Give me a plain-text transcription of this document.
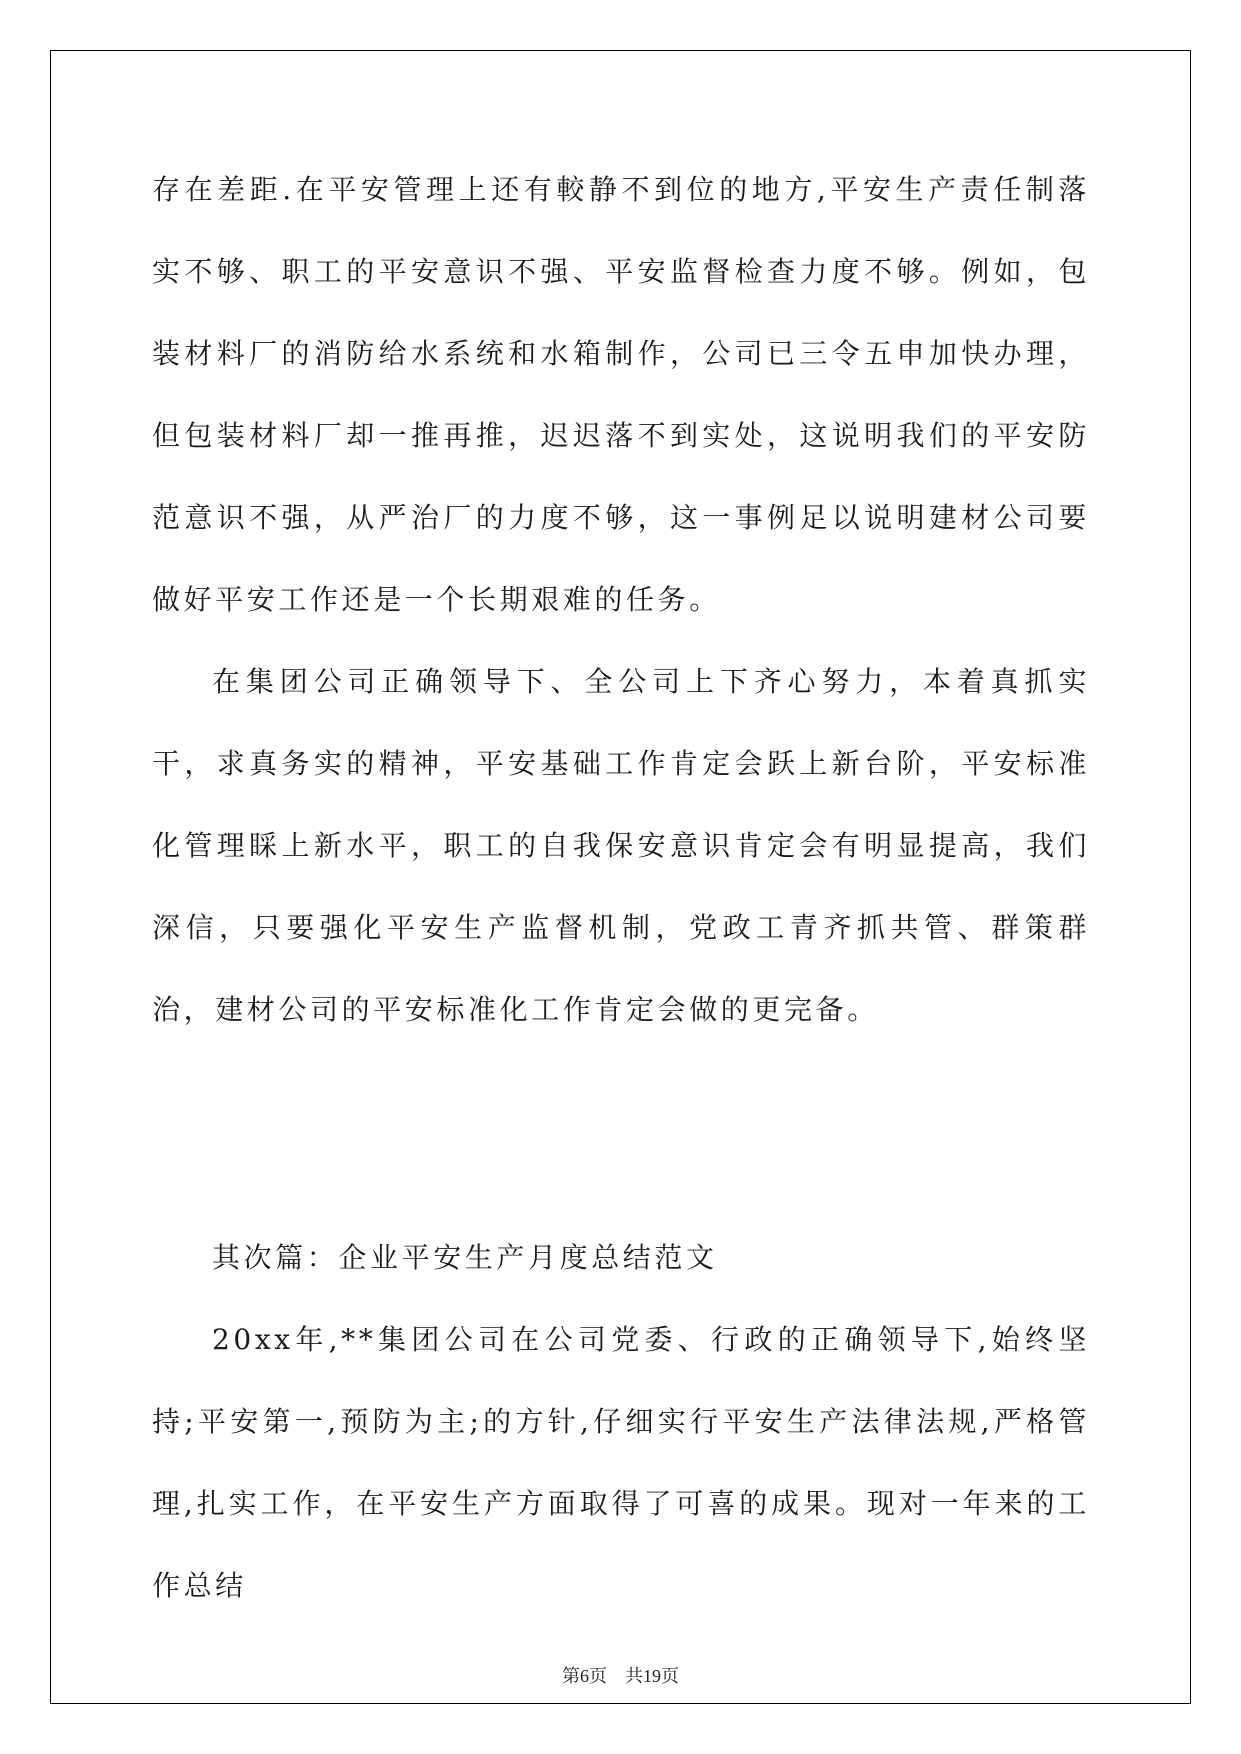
存在差距.在平安管理上还有較静不到位的地方,平安生产责任制落实不够、职工的平安意识不强、平安监督检查力度不够。例如，包装材料厂的消防给水系统和水箱制作，公司已三令五申加快办理，但包装材料厂却一推再推，迟迟落不到实处，这说明我们的平安防范意识不强，从严治厂的力度不够，这一事例足以说明建材公司要做好平安工作还是一个长期艰难的任务。

在集团公司正确领导下、全公司上下齐心努力，本着真抓实干，求真务实的精神，平安基础工作肯定会跃上新台阶，平安标准化管理睬上新水平，职工的自我保安意识肯定会有明显提高，我们深信，只要强化平安生产监督机制，党政工青齐抓共管、群策群治，建材公司的平安标准化工作肯定会做的更完备。

其次篇：企业平安生产月度总结范文

20xx年,**集团公司在公司党委、行政的正确领导下,始终坚持;平安第一,预防为主;的方针,仔细实行平安生产法律法规,严格管理,扎实工作，在平安生产方面取得了可喜的成果。现对一年来的工作总结

第6页 共19页
